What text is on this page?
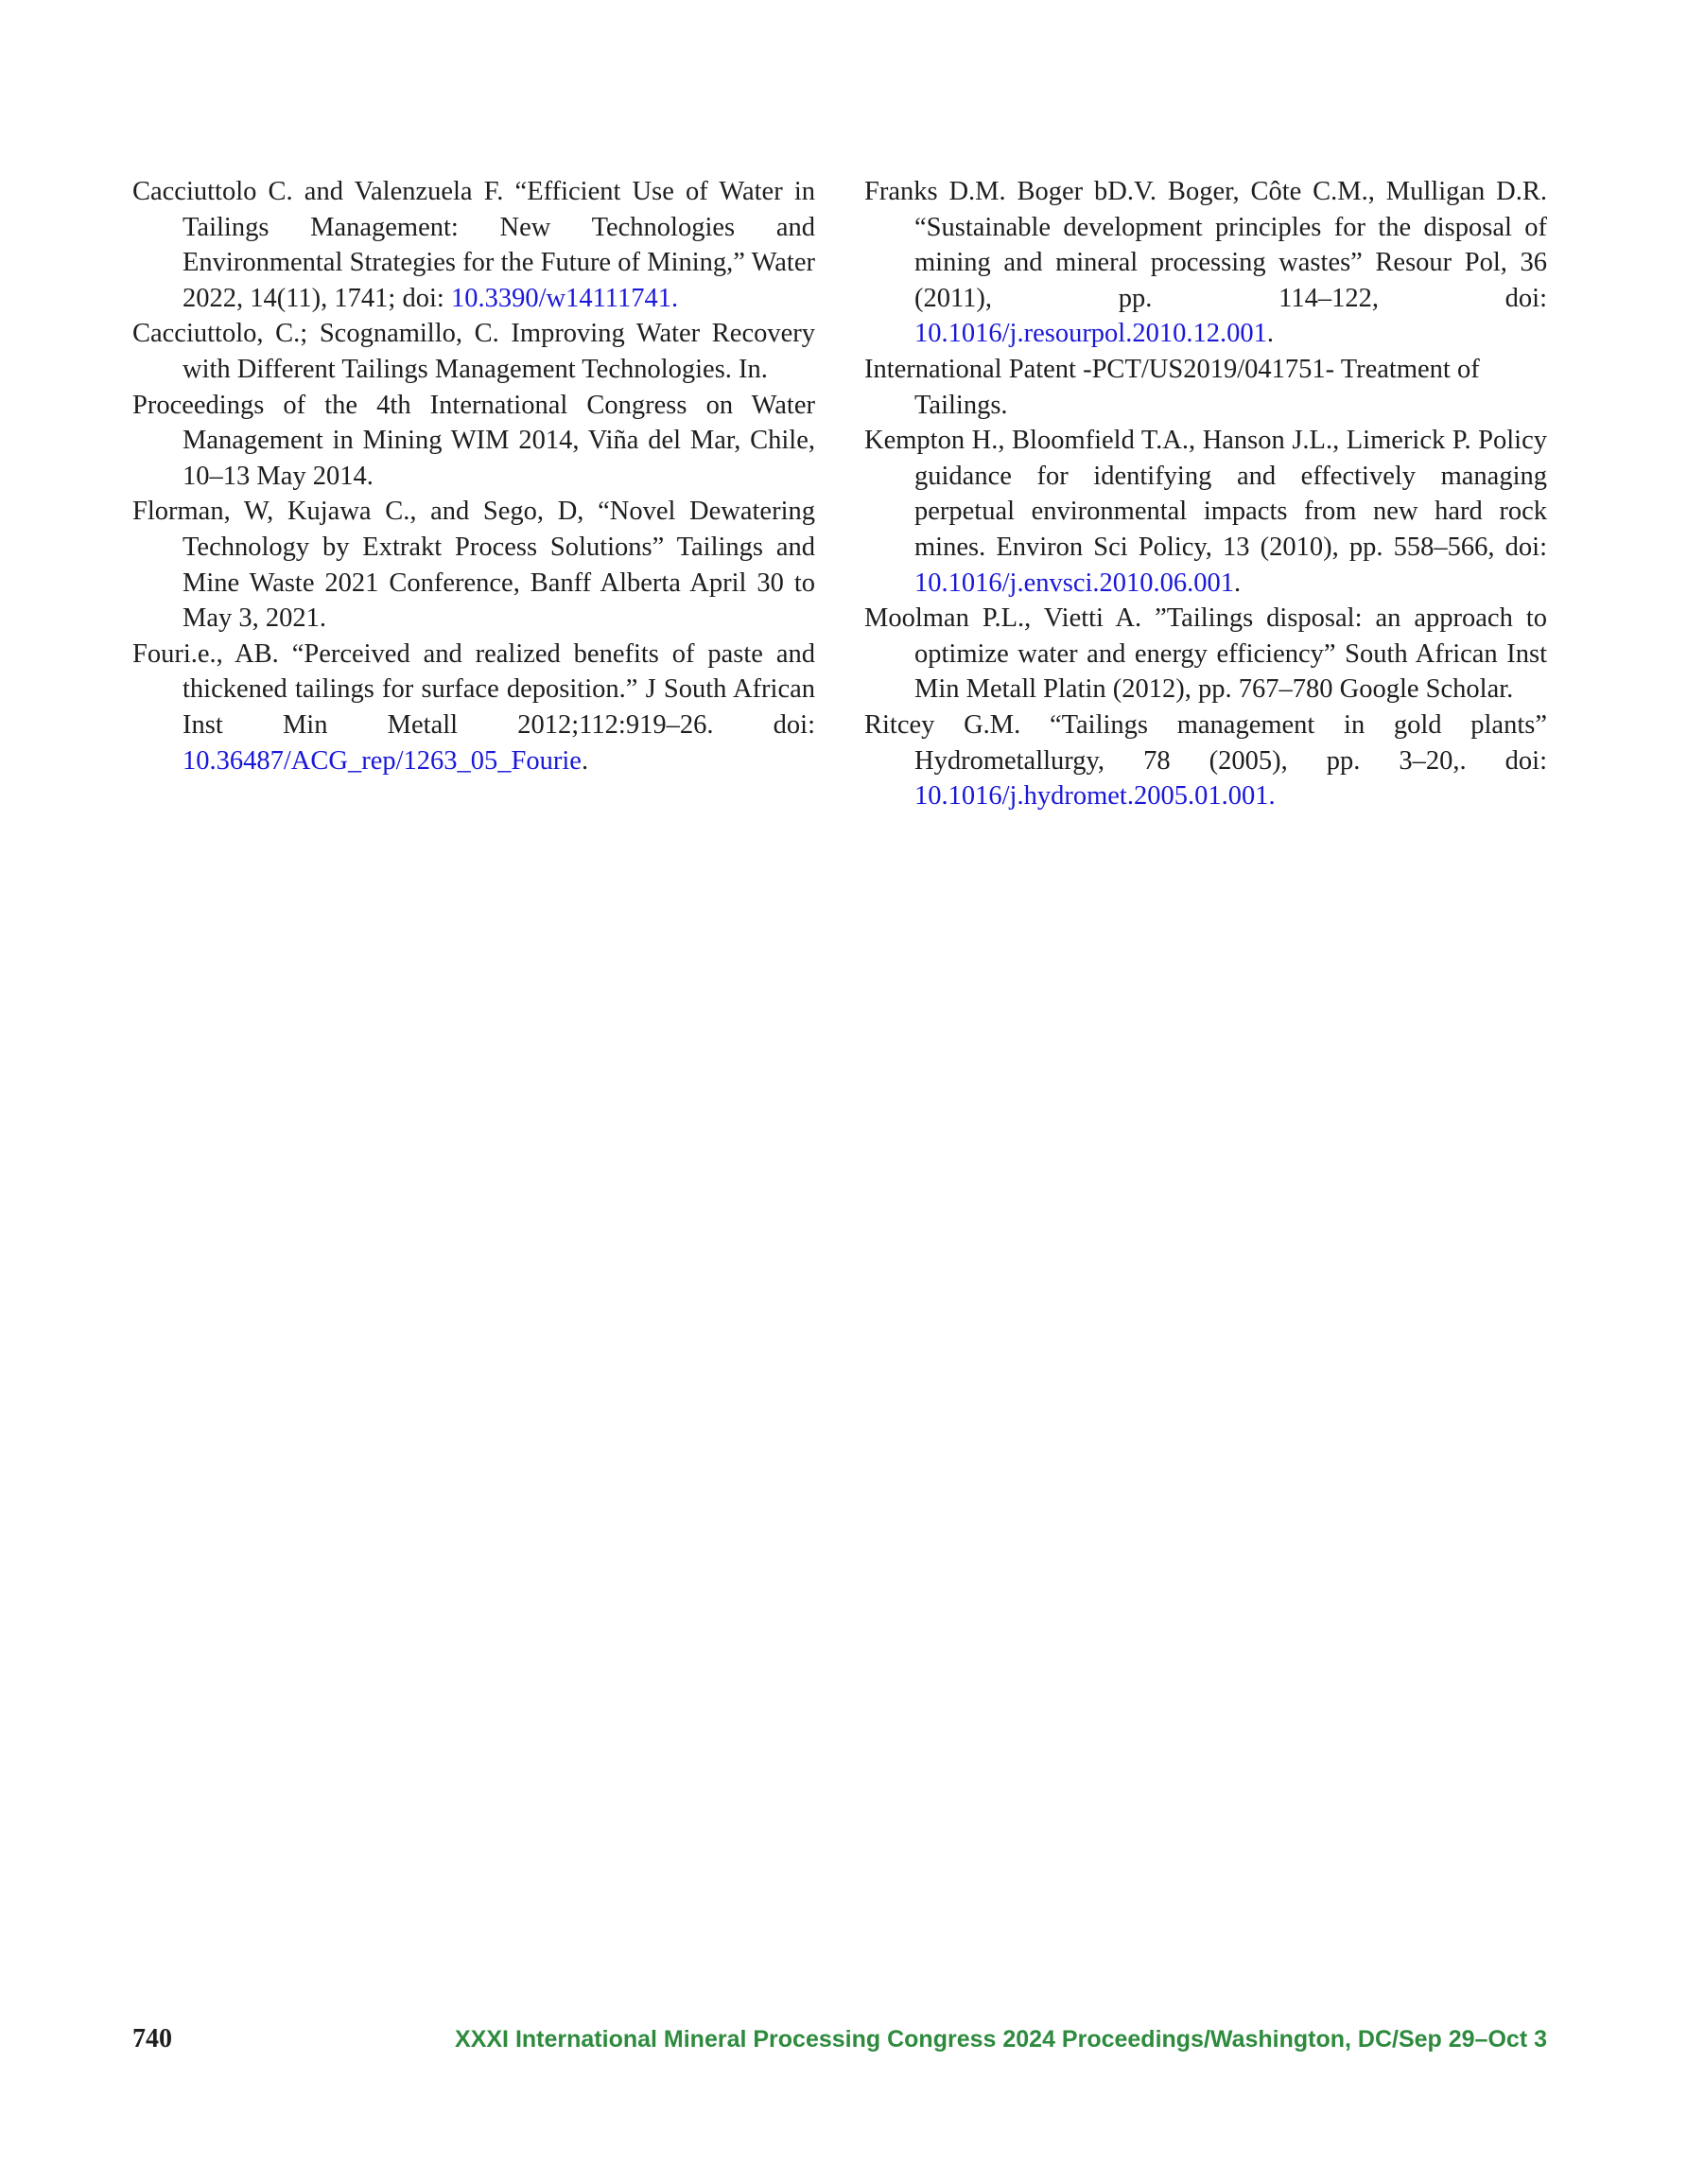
Cacciuttolo C. and Valenzuela F. “Efficient Use of Water in Tailings Management: New Technologies and Environmental Strategies for the Future of Mining,” Water 2022, 14(11), 1741; doi: 10.3390/w14111741.

Cacciuttolo, C.; Scognamillo, C. Improving Water Recovery with Different Tailings Management Technologies. In.

Proceedings of the 4th International Congress on Water Management in Mining WIM 2014, Viña del Mar, Chile, 10–13 May 2014.

Florman, W, Kujawa C., and Sego, D, “Novel Dewatering Technology by Extrakt Process Solutions” Tailings and Mine Waste 2021 Conference, Banff Alberta April 30 to May 3, 2021.

Fouri.e., AB. “Perceived and realized benefits of paste and thickened tailings for surface deposition.” J South African Inst Min Metall 2012;112:919–26. doi: 10.36487/ACG_rep/1263_05_Fourie.

Franks D.M. Boger bD.V. Boger, Côte C.M., Mulligan D.R. “Sustainable development principles for the disposal of mining and mineral processing wastes” Resour Pol, 36 (2011), pp. 114–122, doi: 10.1016/j.resourpol.2010.12.001.

International Patent -PCT/US2019/041751- Treatment of Tailings.

Kempton H., Bloomfield T.A., Hanson J.L., Limerick P. Policy guidance for identifying and effectively managing perpetual environmental impacts from new hard rock mines. Environ Sci Policy, 13 (2010), pp. 558–566, doi: 10.1016/j.envsci.2010.06.001.

Moolman P.L., Vietti A. ”Tailings disposal: an approach to optimize water and energy efficiency” South African Inst Min Metall Platin (2012), pp. 767–780 Google Scholar.

Ritcey G.M. “Tailings management in gold plants” Hydrometallurgy, 78 (2005), pp. 3–20,. doi: 10.1016/j.hydromet.2005.01.001.

740	XXXI International Mineral Processing Congress 2024 Proceedings/Washington, DC/Sep 29–Oct 3
